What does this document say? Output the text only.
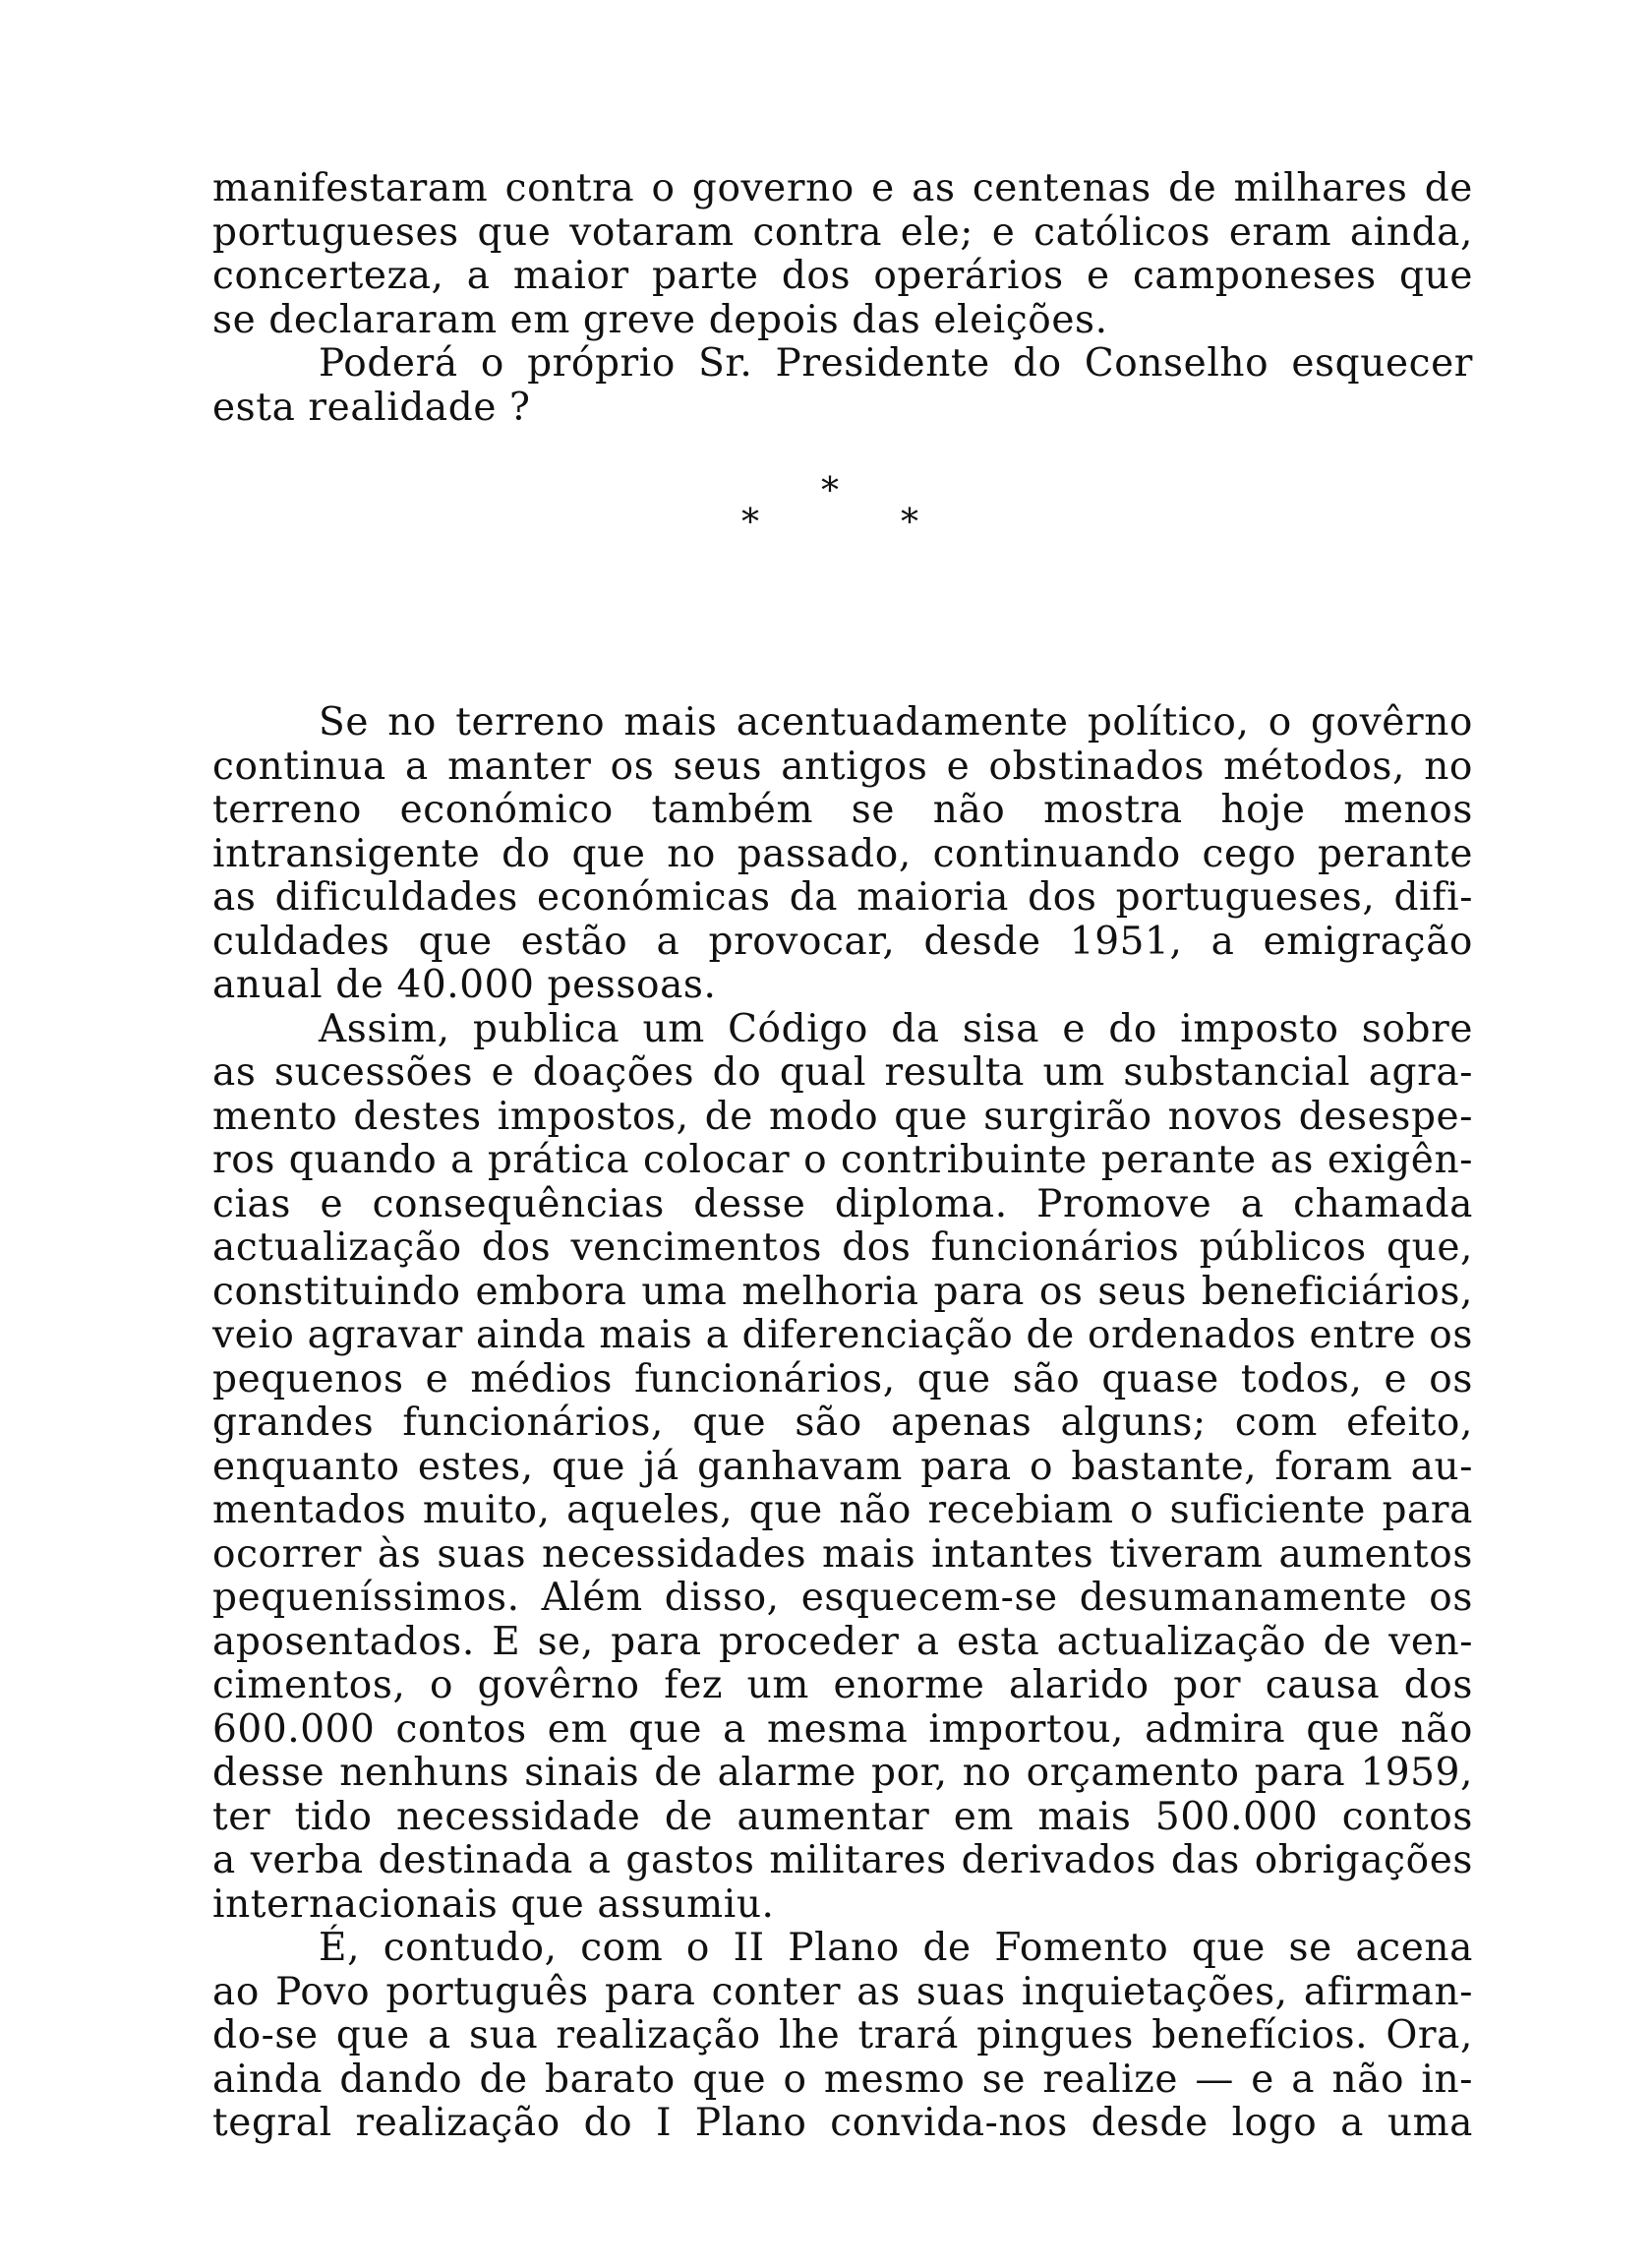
manifestaram contra o governo e as centenas de milhares de
portugueses que votaram contra ele; e católicos eram ainda,
concerteza, a maior parte dos operários e camponeses que
se declararam em greve depois das eleições.
Poderá o próprio Sr. Presidente do Conselho esquecer
esta realidade ?
*
*	*
Se no terreno mais acentuadamente político, o govêrno
continua a manter os seus antigos e obstinados métodos, no
terreno económico também se não mostra hoje menos
intransigente do que no passado, continuando cego perante
as dificuldades económicas da maioria dos portugueses, difi-
culdades que estão a provocar, desde 1951, a emigração
anual de 40.000 pessoas.
Assim, publica um Código da sisa e do imposto sobre
as sucessões e doações do qual resulta um substancial agra-
mento destes impostos, de modo que surgirão novos desespe-
ros quando a prática colocar o contribuinte perante as exigên-
cias e consequências desse diploma. Promove a chamada
actualização dos vencimentos dos funcionários públicos que,
constituindo embora uma melhoria para os seus beneficiários,
veio agravar ainda mais a diferenciação de ordenados entre os
pequenos e médios funcionários, que são quase todos, e os
grandes funcionários, que são apenas alguns; com efeito,
enquanto estes, que já ganhavam para o bastante, foram au-
mentados muito, aqueles, que não recebiam o suficiente para
ocorrer às suas necessidades mais intantes tiveram aumentos
pequeníssimos. Além disso, esquecem-se desumanamente os
aposentados. E se, para proceder a esta actualização de ven-
cimentos, o govêrno fez um enorme alarido por causa dos
600.000 contos em que a mesma importou, admira que não
desse nenhuns sinais de alarme por, no orçamento para 1959,
ter tido necessidade de aumentar em mais 500.000 contos
a verba destinada a gastos militares derivados das obrigações
internacionais que assumiu.
É, contudo, com o II Plano de Fomento que se acena
ao Povo português para conter as suas inquietações, afirman-
do-se que a sua realização lhe trará pingues benefícios. Ora,
ainda dando de barato que o mesmo se realize — e a não in-
tegral realização do I Plano convida-nos desde logo a uma
